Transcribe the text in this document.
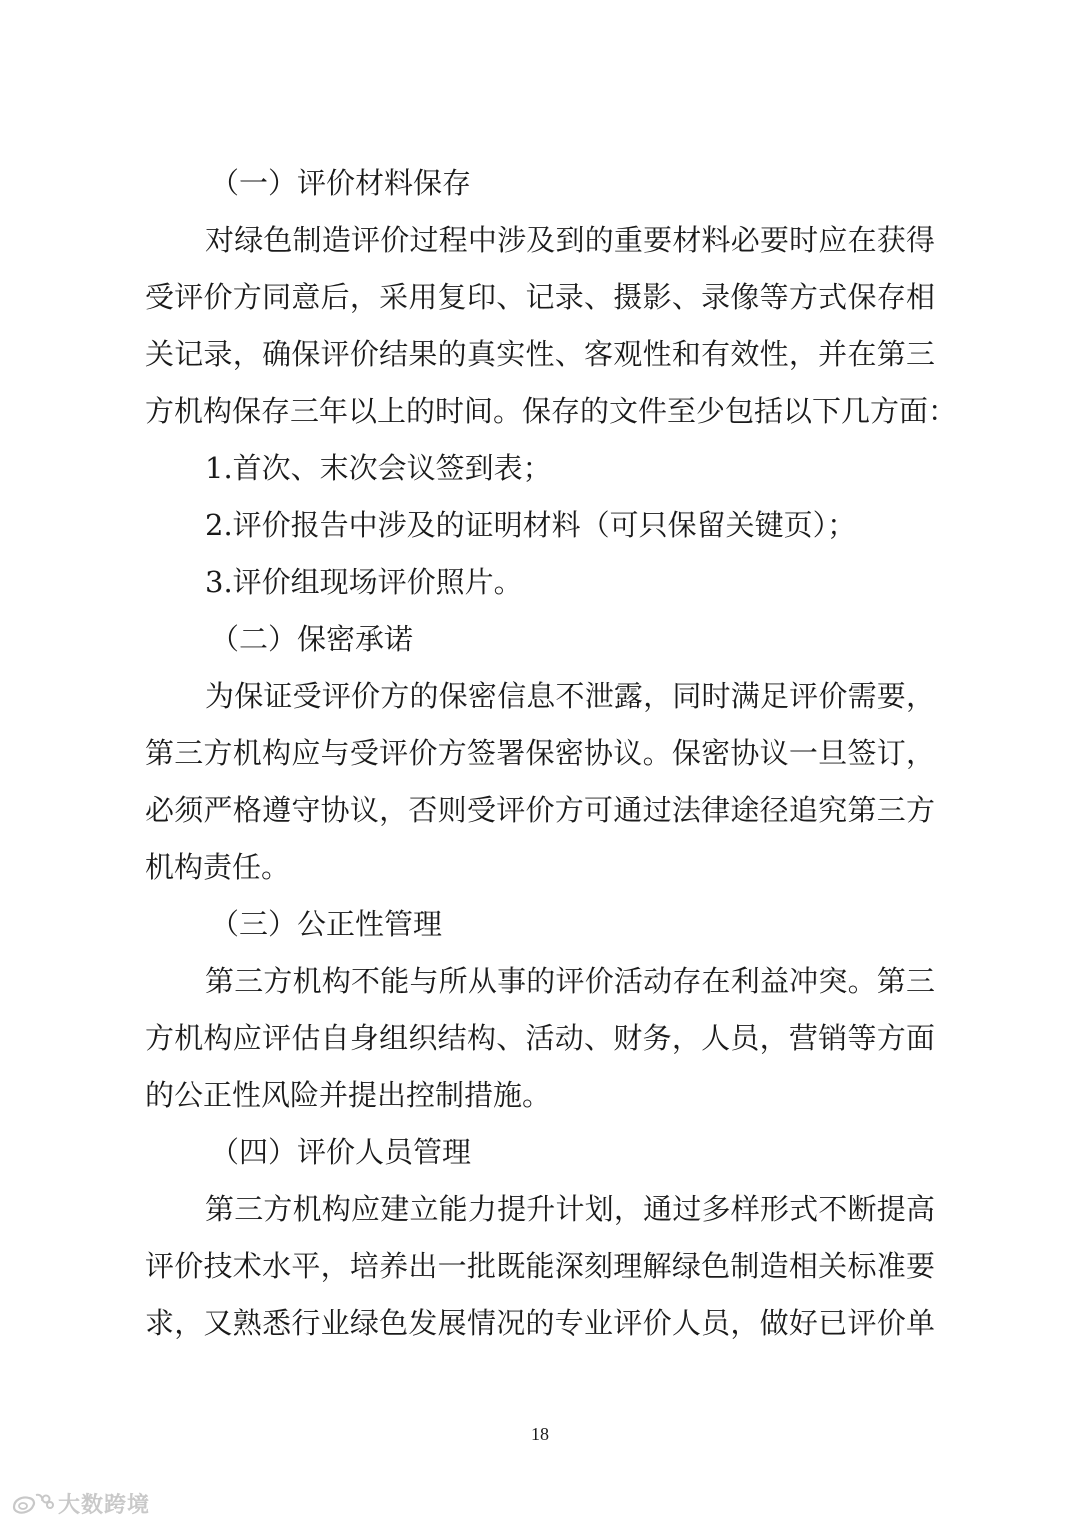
（一）评价材料保存
对绿色制造评价过程中涉及到的重要材料必要时应在获得
受评价方同意后，采用复印、记录、摄影、录像等方式保存相
关记录，确保评价结果的真实性、客观性和有效性，并在第三
方机构保存三年以上的时间。保存的文件至少包括以下几方面：
1.首次、末次会议签到表；
2.评价报告中涉及的证明材料（可只保留关键页）；
3.评价组现场评价照片。
（二）保密承诺
为保证受评价方的保密信息不泄露，同时满足评价需要，
第三方机构应与受评价方签署保密协议。保密协议一旦签订，
必须严格遵守协议，否则受评价方可通过法律途径追究第三方
机构责任。
（三）公正性管理
第三方机构不能与所从事的评价活动存在利益冲突。第三
方机构应评估自身组织结构、活动、财务，人员，营销等方面
的公正性风险并提出控制措施。
（四）评价人员管理
第三方机构应建立能力提升计划，通过多样形式不断提高
评价技术水平，培养出一批既能深刻理解绿色制造相关标准要
求，又熟悉行业绿色发展情况的专业评价人员，做好已评价单
18
大数跨境
